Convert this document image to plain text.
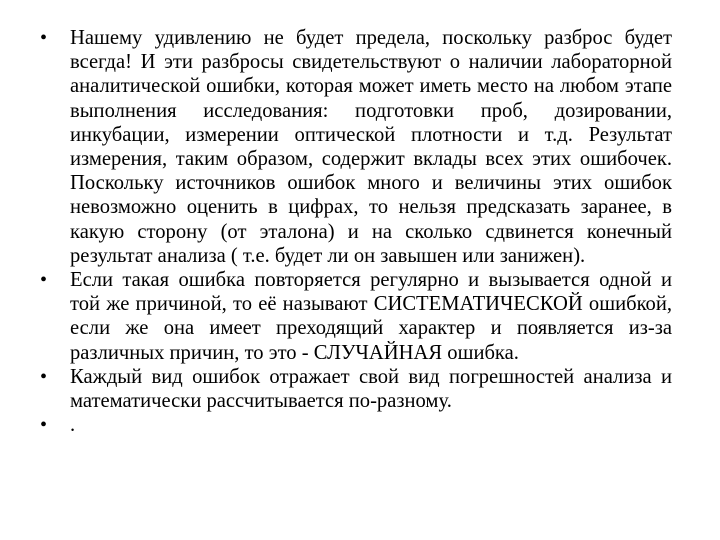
•	Нашему удивлению не будет предела, поскольку разброс будет всегда! И эти разбросы свидетельствуют о наличии лабораторной аналитической ошибки, которая может иметь место на любом этапе выполнения исследования: подготовки проб, дозировании, инкубации, измерении оптической плотности и т.д. Результат измерения, таким образом, содержит вклады всех этих ошибочек. Поскольку источников ошибок много и величины этих ошибок невозможно оценить в цифрах, то нельзя предсказать заранее, в какую сторону (от эталона) и на сколько сдвинется конечный результат анализа ( т.е. будет ли он завышен или занижен).
•	Если такая ошибка повторяется регулярно и вызывается одной и той же причиной, то её называют СИСТЕМАТИЧЕСКОЙ ошибкой, если же она имеет преходящий характер и появляется из-за различных причин, то это - СЛУЧАЙНАЯ ошибка.
•	Каждый вид ошибок отражает свой вид погрешностей анализа и математически рассчитывается по-разному.
•	.
